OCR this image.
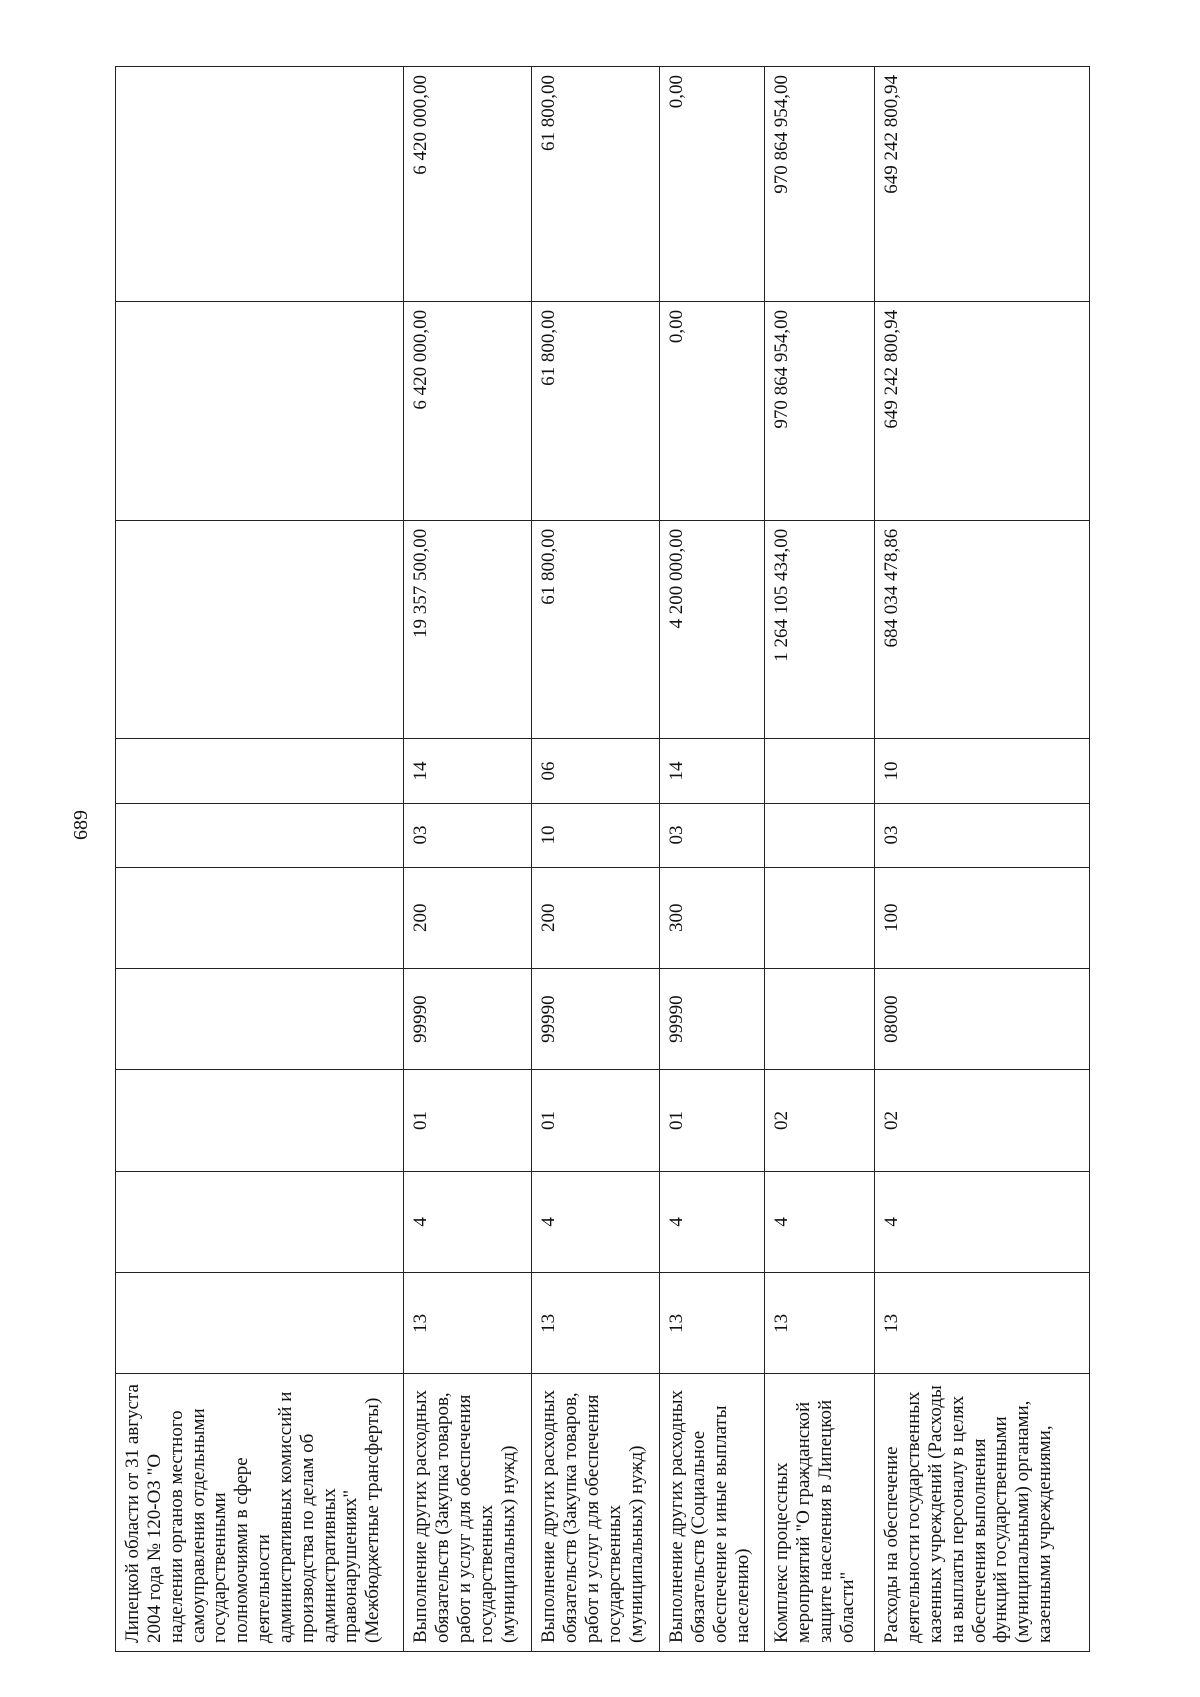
689
Липецкой области от 31 августа 2004 года № 120-ОЗ "О наделении органов местного самоуправления отдельными государственными полномочиями в сфере деятельности административных комиссий и производства по делам об административных правонарушениях" (Межбюджетные трансферты)										
Выполнение других расходных обязательств (Закупка товаров, работ и услуг для обеспечения государственных (муниципальных) нужд)	13	4	01	99990	200	03	14	19 357 500,00	6 420 000,00	6 420 000,00
Выполнение других расходных обязательств (Закупка товаров, работ и услуг для обеспечения государственных (муниципальных) нужд)	13	4	01	99990	200	10	06	61 800,00	61 800,00	61 800,00
Выполнение других расходных обязательств (Социальное обеспечение и иные выплаты населению)	13	4	01	99990	300	03	14	4 200 000,00	0,00	0,00
Комплекс процессных мероприятий "О гражданской защите населения в Липецкой области"	13	4	02					1 264 105 434,00	970 864 954,00	970 864 954,00
Расходы на обеспечение деятельности государственных казенных учреждений (Расходы на выплаты персоналу в целях обеспечения выполнения функций государственными (муниципальными) органами, казенными учреждениями,	13	4	02	08000	100	03	10	684 034 478,86	649 242 800,94	649 242 800,94
